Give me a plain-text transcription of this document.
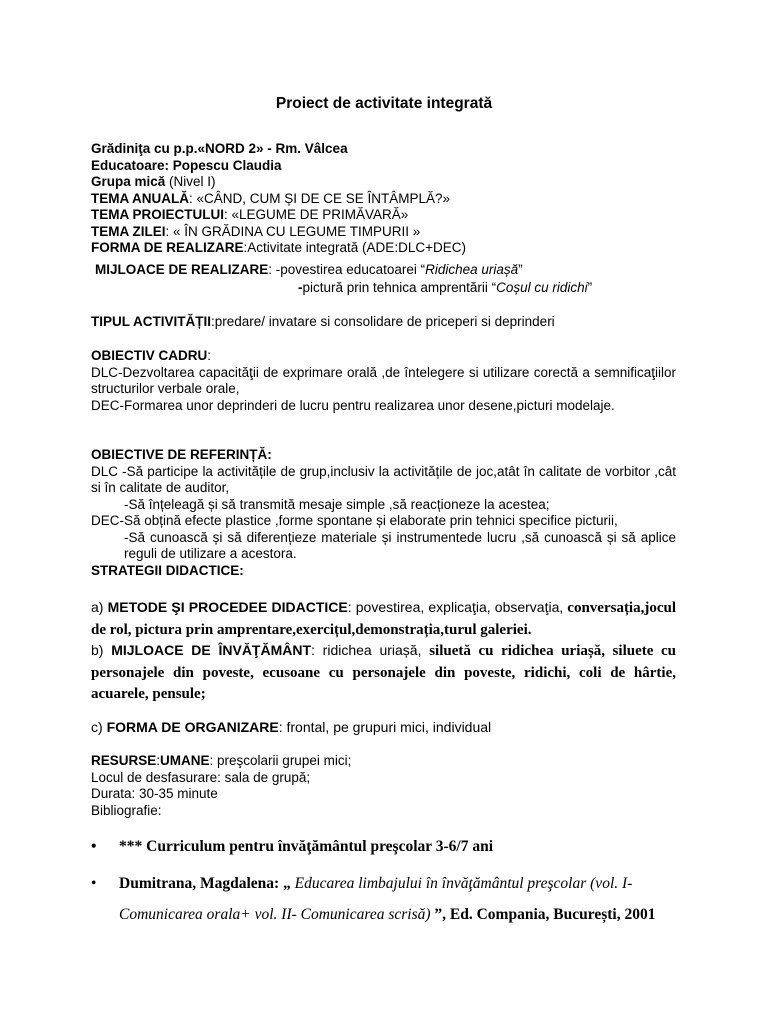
Proiect de activitate integrată
Grădiniţa cu p.p.«NORD 2» - Rm. Vâlcea
Educatoare: Popescu Claudia
Grupa mică (Nivel I)
TEMA ANUALĂ: «CÂND, CUM ȘI DE CE SE ÎNTÂMPLĂ?»
TEMA PROIECTULUI: «LEGUME DE PRIMĂVARĂ»
TEMA ZILEI: « ÎN GRĂDINA CU LEGUME TIMPURII »
FORMA DE REALIZARE:Activitate integrată (ADE:DLC+DEC)
MIJLOACE DE REALIZARE: -povestirea educatoarei “Ridichea uriașă”
-pictură prin tehnica amprentării “Coșul cu ridichi”
TIPUL ACTIVITĂȚII:predare/ invatare si consolidare de priceperi si deprinderi
OBIECTIV CADRU:
DLC-Dezvoltarea capacităţii de exprimare orală ,de întelegere si utilizare corectă a semnificaţiilor structurilor verbale orale,
DEC-Formarea unor deprinderi de lucru pentru realizarea unor desene,picturi modelaje.
OBIECTIVE DE REFERINȚĂ:
DLC -Să participe la activitățile de grup,inclusiv la activitățile de joc,atât în calitate de vorbitor ,cât si în calitate de auditor,
-Să înțeleagă și să transmită mesaje simple ,să reacționeze la acestea;
DEC-Să obțină efecte plastice ,forme spontane și elaborate prin tehnici specifice picturii,
-Să cunoască și să diferențieze materiale și instrumentede lucru ,să cunoască și să aplice reguli de utilizare a acestora.
STRATEGII DIDACTICE:
a) METODE ŞI PROCEDEE DIDACTICE: povestirea, explicaţia, observaţia, conversația,jocul de rol, pictura prin amprentare,exercițul,demonstrația,turul galeriei.
b) MIJLOACE DE ÎNVĂŢĂMÂNT: ridichea uriașă, siluetă cu ridichea uriașă, siluete cu personajele din poveste, ecusoane cu personajele din poveste, ridichi, coli de hârtie, acuarele, pensule;
c) FORMA DE ORGANIZARE: frontal, pe grupuri mici, individual
RESURSE:UMANE: preşcolarii grupei mici;
Locul de desfasurare: sala de grupă;
Durata: 30-35 minute
Bibliografie:
• *** Curriculum pentru învăţământul preşcolar 3-6/7 ani
• Dumitrana, Magdalena: „ Educarea limbajului în învăţământul preşcolar (vol. I- Comunicarea orala+ vol. II- Comunicarea scrisă) ”, Ed. Compania, București, 2001
